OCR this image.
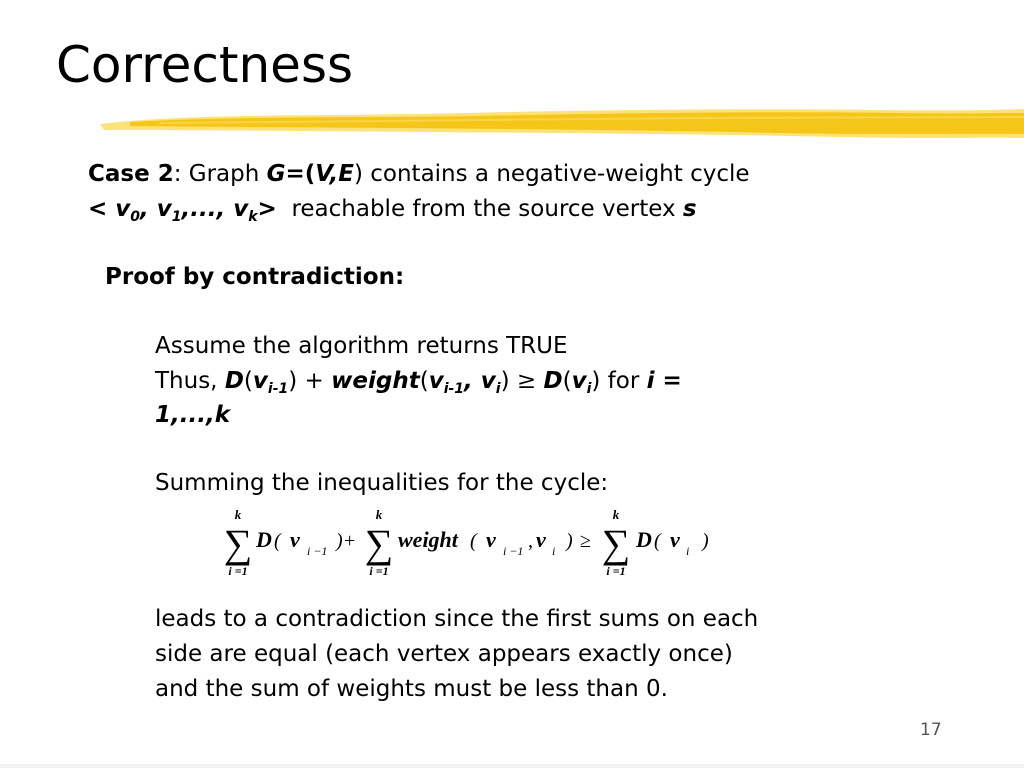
Correctness
Case 2: Graph G=(V,E) contains a negative-weight cycle
< $v_0$, $v_1$,..., $v_k>$  reachable from the source vertex s
Proof by contradiction:
Assume the algorithm returns TRUE
Thus, $D(v_{i-1})$ + $weight(v_{i-1}$, $v_i) \ge D(v_i)$ for i =
1,...,k
Summing the inequalities for the cycle:
k
∑
i =1
D ( v i −1 ) +
k
∑
i =1
weight ( v i −1 , v i ) ≥
k
∑
i =1
D ( v i )
leads to a contradiction since the first sums on each
side are equal (each vertex appears exactly once)
and the sum of weights must be less than 0.
17
